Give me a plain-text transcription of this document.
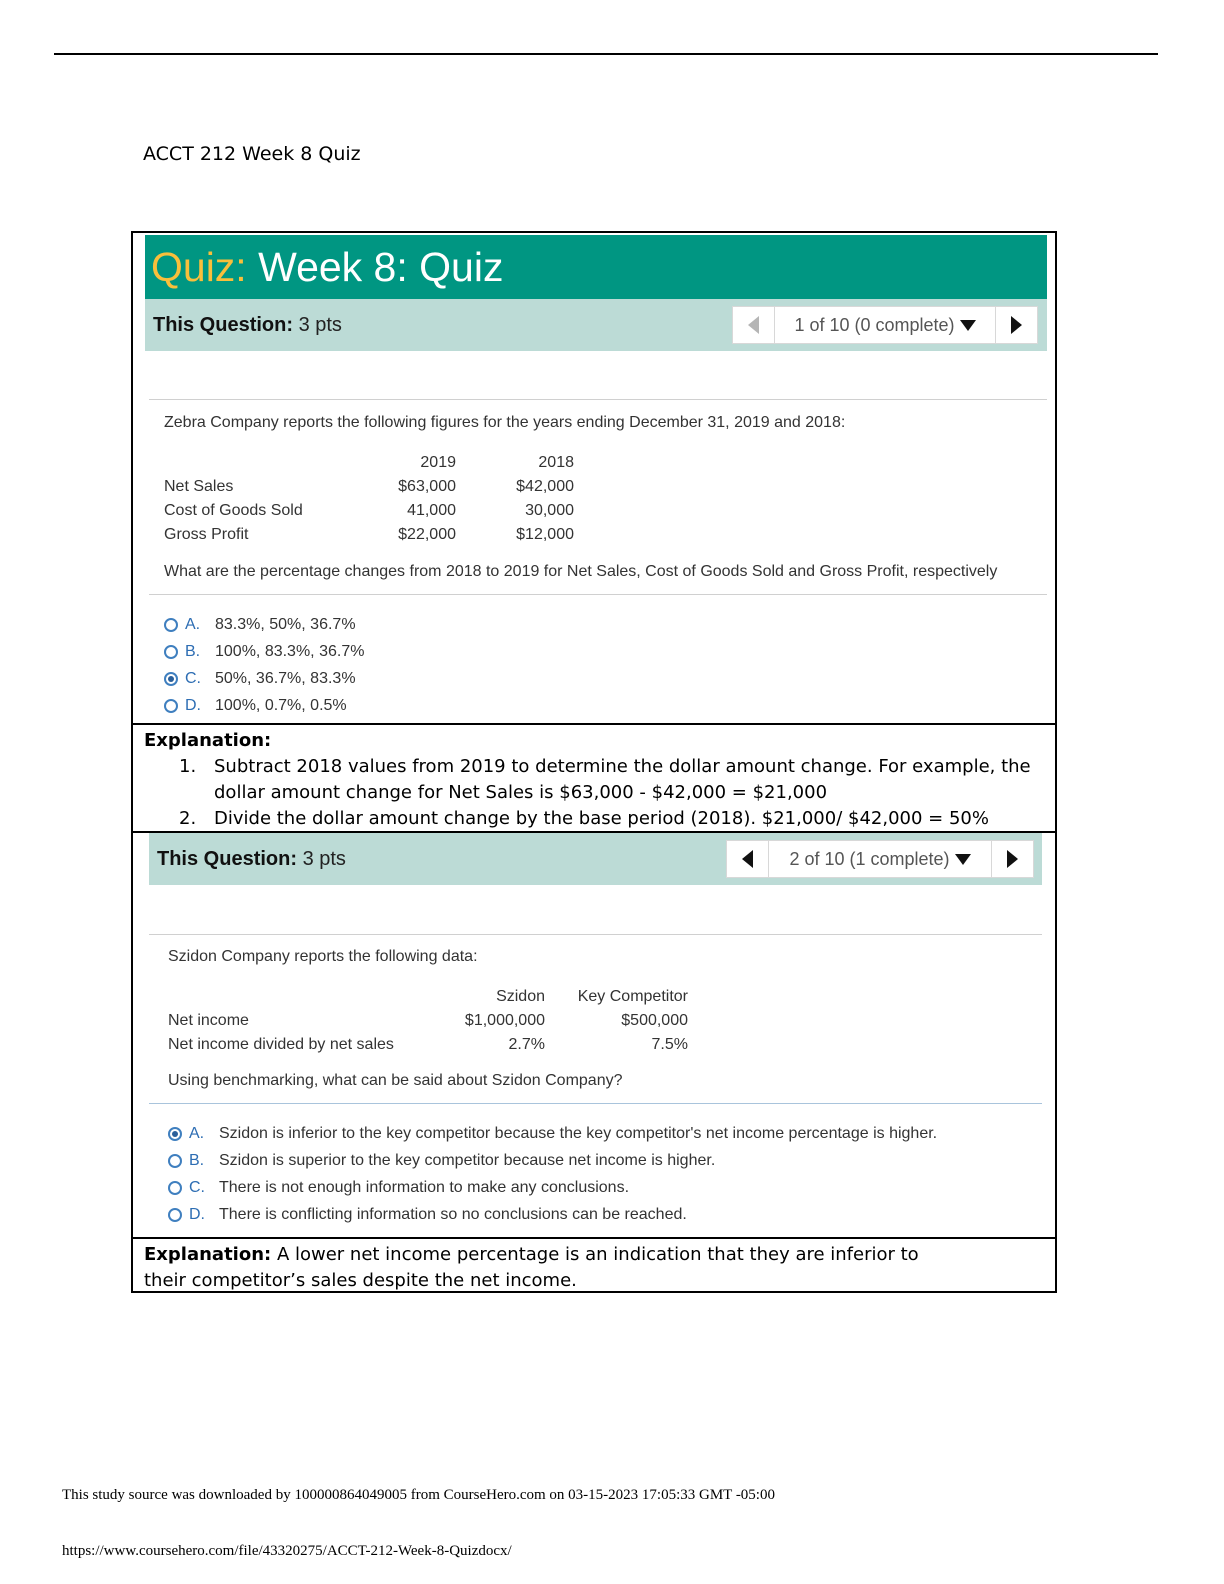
ACCT 212 Week 8 Quiz
Quiz: Week 8: Quiz
This Question: 3 pts	1 of 10 (0 complete)
Zebra Company reports the following figures for the years ending December 31, 2019 and 2018:
	2019	2018
Net Sales	$63,000	$42,000
Cost of Goods Sold	41,000	30,000
Gross Profit	$22,000	$12,000
What are the percentage changes from 2018 to 2019 for Net Sales, Cost of Goods Sold and Gross Profit, respectively
A. 83.3%, 50%, 36.7%
B. 100%, 83.3%, 36.7%
C. 50%, 36.7%, 83.3%
D. 100%, 0.7%, 0.5%
Explanation:
1. Subtract 2018 values from 2019 to determine the dollar amount change. For example, the dollar amount change for Net Sales is $63,000 - $42,000 = $21,000
2. Divide the dollar amount change by the base period (2018). $21,000/ $42,000 = 50%
This Question: 3 pts	2 of 10 (1 complete)
Szidon Company reports the following data:
	Szidon	Key Competitor
Net income	$1,000,000	$500,000
Net income divided by net sales	2.7%	7.5%
Using benchmarking, what can be said about Szidon Company?
A. Szidon is inferior to the key competitor because the key competitor's net income percentage is higher.
B. Szidon is superior to the key competitor because net income is higher.
C. There is not enough information to make any conclusions.
D. There is conflicting information so no conclusions can be reached.
Explanation: A lower net income percentage is an indication that they are inferior to their competitor’s sales despite the net income.
This study source was downloaded by 100000864049005 from CourseHero.com on 03-15-2023 17:05:33 GMT -05:00
https://www.coursehero.com/file/43320275/ACCT-212-Week-8-Quizdocx/
